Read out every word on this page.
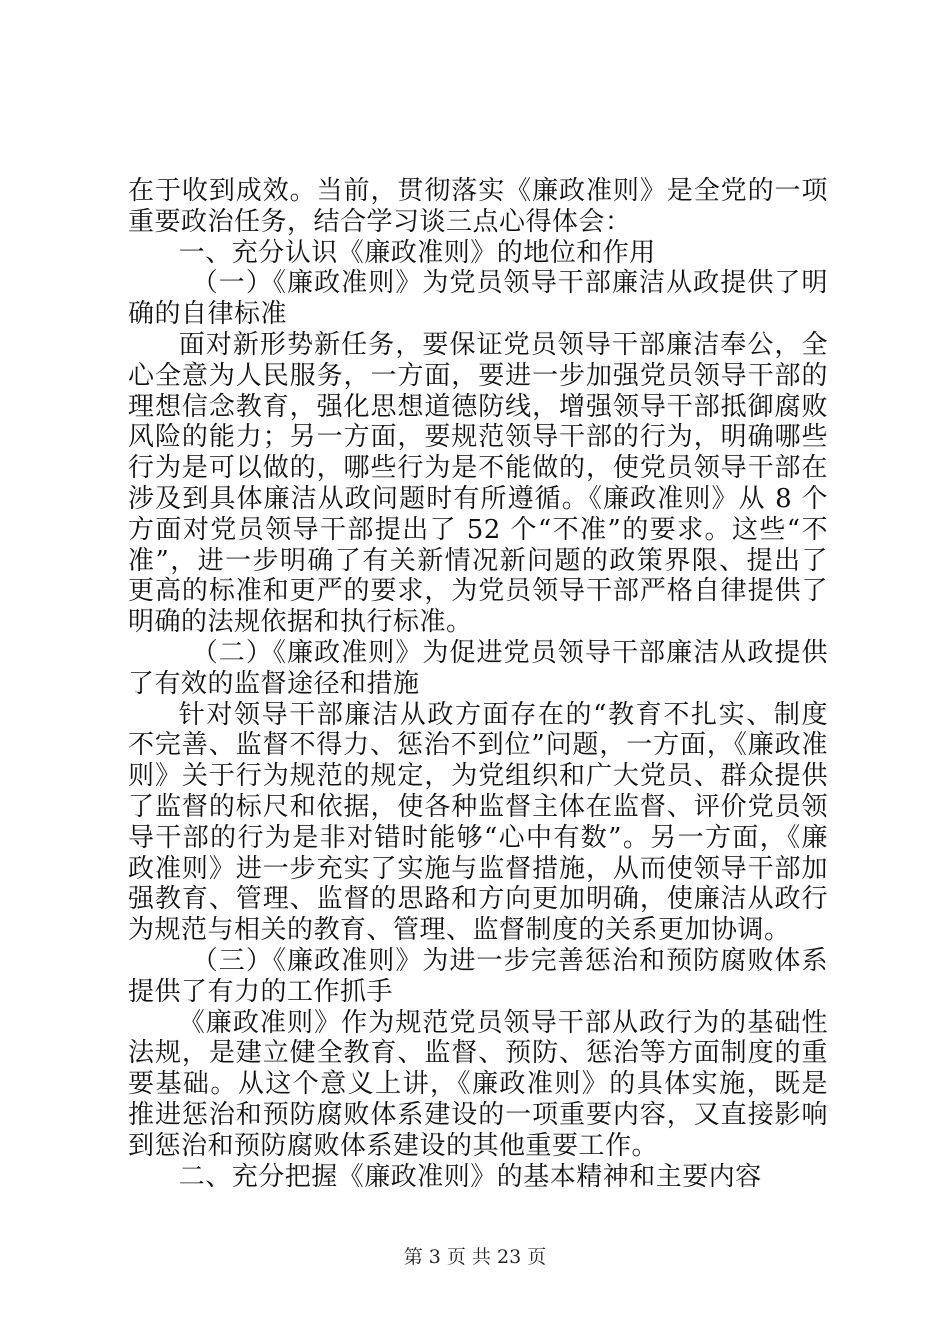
在于收到成效。当前，贯彻落实《廉政准则》是全党的一项重要政治任务，结合学习谈三点心得体会：

一、充分认识《廉政准则》的地位和作用

（一）《廉政准则》为党员领导干部廉洁从政提供了明确的自律标准

面对新形势新任务，要保证党员领导干部廉洁奉公，全心全意为人民服务，一方面，要进一步加强党员领导干部的理想信念教育，强化思想道德防线，增强领导干部抵御腐败风险的能力；另一方面，要规范领导干部的行为，明确哪些行为是可以做的，哪些行为是不能做的，使党员领导干部在涉及到具体廉洁从政问题时有所遵循。《廉政准则》从 8 个方面对党员领导干部提出了 52 个“不准”的要求。这些“不准”，进一步明确了有关新情况新问题的政策界限、提出了更高的标准和更严的要求，为党员领导干部严格自律提供了明确的法规依据和执行标准。

（二）《廉政准则》为促进党员领导干部廉洁从政提供了有效的监督途径和措施

针对领导干部廉洁从政方面存在的“教育不扎实、制度不完善、监督不得力、惩治不到位”问题，一方面，《廉政准则》关于行为规范的规定，为党组织和广大党员、群众提供了监督的标尺和依据，使各种监督主体在监督、评价党员领导干部的行为是非对错时能够“心中有数”。另一方面，《廉政准则》进一步充实了实施与监督措施，从而使领导干部加强教育、管理、监督的思路和方向更加明确，使廉洁从政行为规范与相关的教育、管理、监督制度的关系更加协调。

（三）《廉政准则》为进一步完善惩治和预防腐败体系提供了有力的工作抓手

《廉政准则》作为规范党员领导干部从政行为的基础性法规，是建立健全教育、监督、预防、惩治等方面制度的重要基础。从这个意义上讲，《廉政准则》的具体实施，既是推进惩治和预防腐败体系建设的一项重要内容，又直接影响到惩治和预防腐败体系建设的其他重要工作。

二、充分把握《廉政准则》的基本精神和主要内容

第 3 页 共 23 页
